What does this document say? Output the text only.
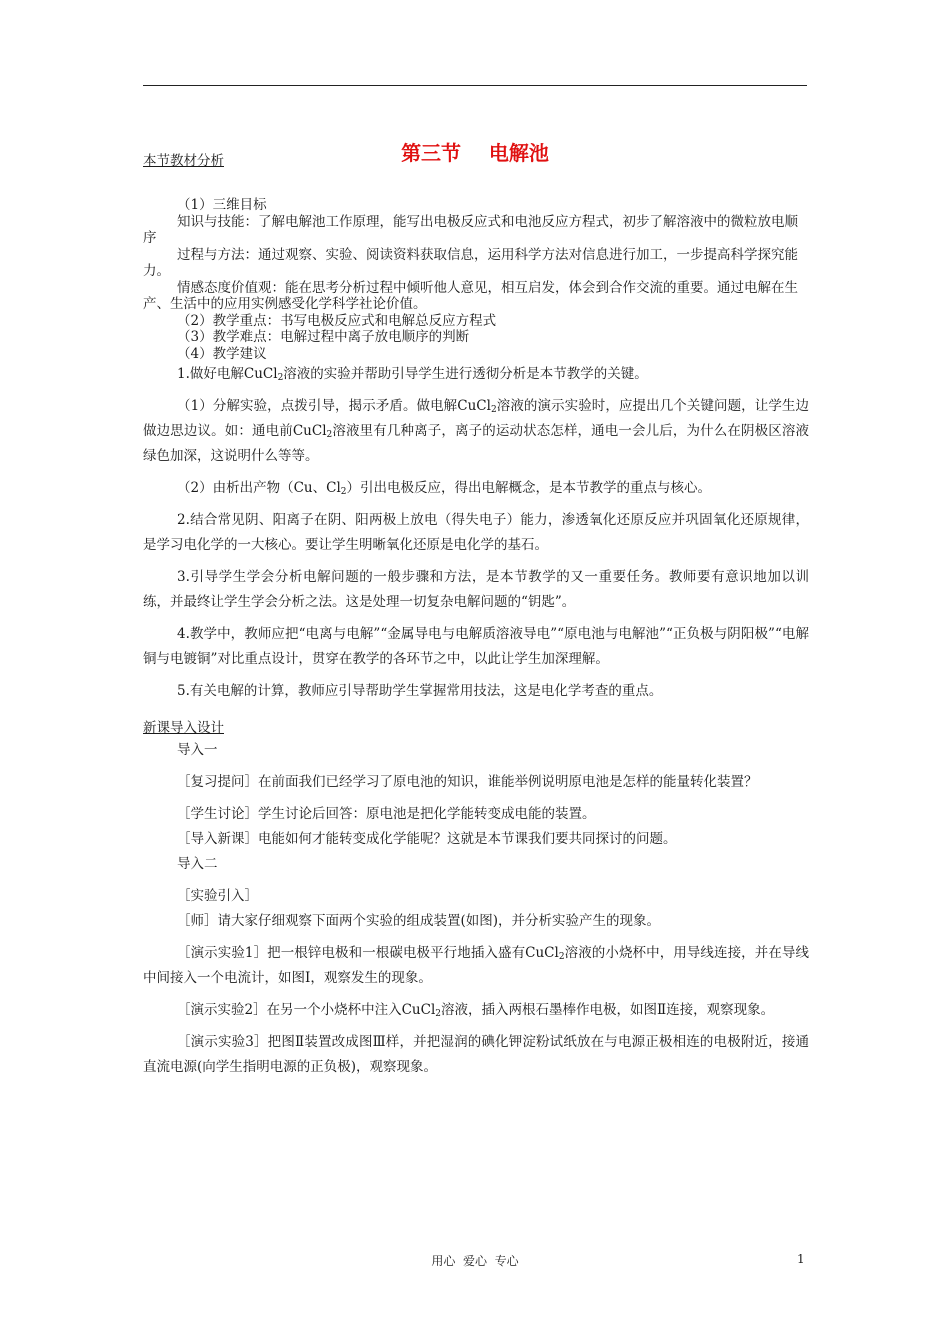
第三节    电解池

本节教材分析

（1）三维目标

知识与技能：了解电解池工作原理，能写出电极反应式和电池反应方程式，初步了解溶液中的微粒放电顺序

过程与方法：通过观察、实验、阅读资料获取信息，运用科学方法对信息进行加工，一步提高科学探究能力。

情感态度价值观：能在思考分析过程中倾听他人意见，相互启发，体会到合作交流的重要。通过电解在生产、生活中的应用实例感受化学科学社论价值。

（2）教学重点：书写电极反应式和电解总反应方程式

（3）教学难点：电解过程中离子放电顺序的判断

（4）教学建议

1.做好电解CuCl$_2$溶液的实验并帮助引导学生进行透彻分析是本节教学的关键。

（1）分解实验，点拨引导，揭示矛盾。做电解CuCl$_2$溶液的演示实验时，应提出几个关键问题，让学生边做边思边议。如：通电前CuCl$_2$溶液里有几种离子，离子的运动状态怎样，通电一会儿后，为什么在阴极区溶液绿色加深，这说明什么等等。

（2）由析出产物（Cu、$Cl_2$）引出电极反应，得出电解概念，是本节教学的重点与核心。

2.结合常见阴、阳离子在阴、阳两极上放电（得失电子）能力，渗透氧化还原反应并巩固氧化还原规律，是学习电化学的一大核心。要让学生明晰氧化还原是电化学的基石。

3.引导学生学会分析电解问题的一般步骤和方法，是本节教学的又一重要任务。教师要有意识地加以训练，并最终让学生学会分析之法。这是处理一切复杂电解问题的“钥匙”。

4.教学中，教师应把“电离与电解”“金属导电与电解质溶液导电”“原电池与电解池”“正负极与阴阳极”“电解铜与电镀铜”对比重点设计，贯穿在教学的各环节之中，以此让学生加深理解。

5.有关电解的计算，教师应引导帮助学生掌握常用技法，这是电化学考查的重点。

新课导入设计

导入一

［复习提问］在前面我们已经学习了原电池的知识，谁能举例说明原电池是怎样的能量转化装置？

［学生讨论］学生讨论后回答：原电池是把化学能转变成电能的装置。

［导入新课］电能如何才能转变成化学能呢？这就是本节课我们要共同探讨的问题。

导入二

［实验引入］

［师］请大家仔细观察下面两个实验的组成装置(如图)，并分析实验产生的现象。

［演示实验1］把一根锌电极和一根碳电极平行地插入盛有CuCl$_2$溶液的小烧杯中，用导线连接，并在导线中间接入一个电流计，如图Ⅰ，观察发生的现象。

［演示实验2］在另一个小烧杯中注入CuCl$_2$溶液，插入两根石墨棒作电极，如图Ⅱ连接，观察现象。

［演示实验3］把图Ⅱ装置改成图Ⅲ样，并把湿润的碘化钾淀粉试纸放在与电源正极相连的电极附近，接通直流电源(向学生指明电源的正负极)，观察现象。

用心  爱心  专心	1
